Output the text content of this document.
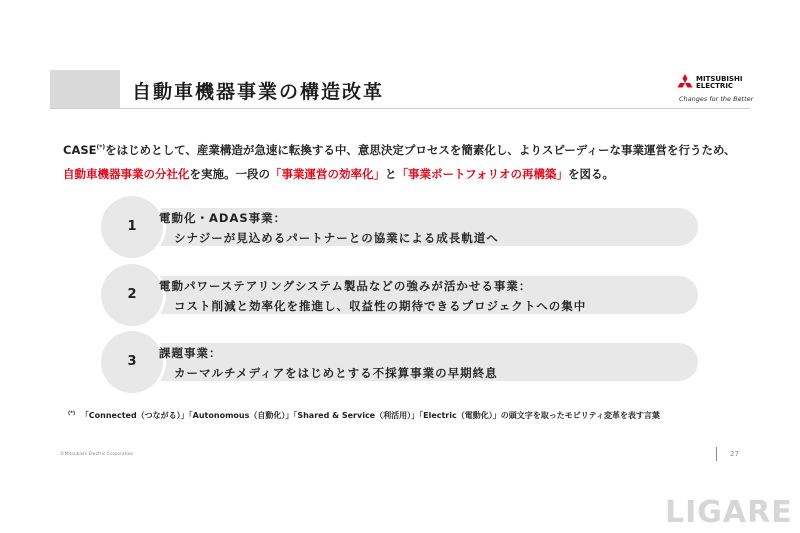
自動車機器事業の構造改革
MITSUBISHI
ELECTRIC
Changes for the Better
CASE(*)をはじめとして、産業構造が急速に転換する中、意思決定プロセスを簡素化し、よりスピーディーな事業運営を行うため、
自動車機器事業の分社化を実施。一段の「事業運営の効率化」と「事業ポートフォリオの再構築」を図る。
1
電動化・ADAS事業：
シナジーが見込めるパートナーとの協業による成長軌道へ
2
電動パワーステアリングシステム製品などの強みが活かせる事業：
コスト削減と効率化を推進し、収益性の期待できるプロジェクトへの集中
3
課題事業：
カーマルチメディアをはじめとする不採算事業の早期終息
(*) 「Connected（つながる）」「Autonomous（自動化）」「Shared & Service（利活用）」「Electric（電動化）」の頭文字を取ったモビリティ変革を表す言葉
©Mitsubishi Electric Corporation	27
LIGARE
